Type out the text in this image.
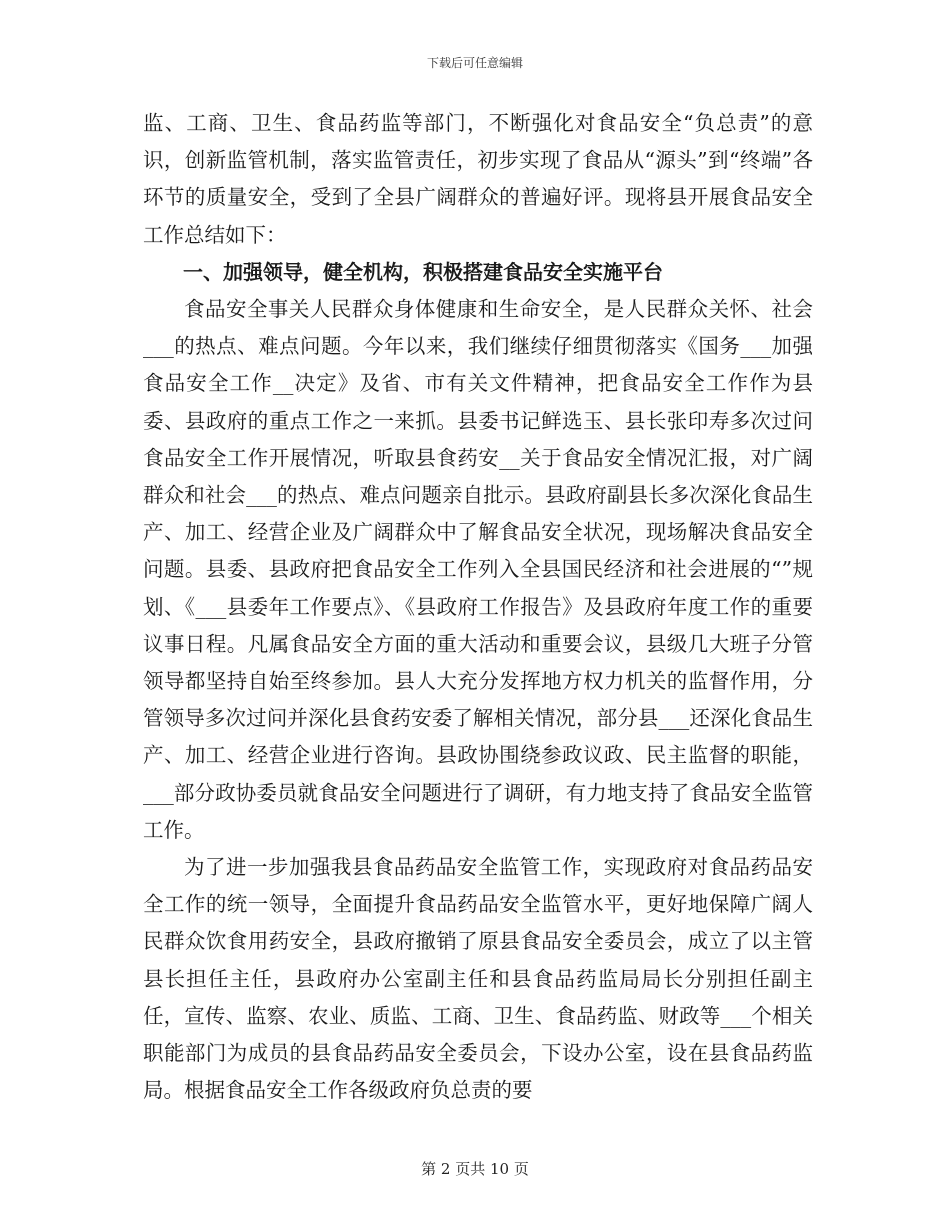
下载后可任意编辑

监、工商、卫生、食品药监等部门，不断强化对食品安全“负总责”的意识，创新监管机制，落实监管责任，初步实现了食品从“源头”到“终端”各环节的质量安全，受到了全县广阔群众的普遍好评。现将县开展食品安全工作总结如下：

一、加强领导，健全机构，积极搭建食品安全实施平台

食品安全事关人民群众身体健康和生命安全，是人民群众关怀、社会___的热点、难点问题。今年以来，我们继续仔细贯彻落实《国务___加强食品安全工作__决定》及省、市有关文件精神，把食品安全工作作为县委、县政府的重点工作之一来抓。县委书记鲜选玉、县长张印寿多次过问食品安全工作开展情况，听取县食药安__关于食品安全情况汇报，对广阔群众和社会___的热点、难点问题亲自批示。县政府副县长多次深化食品生产、加工、经营企业及广阔群众中了解食品安全状况，现场解决食品安全问题。县委、县政府把食品安全工作列入全县国民经济和社会进展的“”规划、《___县委年工作要点》、《县政府工作报告》及县政府年度工作的重要议事日程。凡属食品安全方面的重大活动和重要会议，县级几大班子分管领导都坚持自始至终参加。县人大充分发挥地方权力机关的监督作用，分管领导多次过问并深化县食药安委了解相关情况，部分县___还深化食品生产、加工、经营企业进行咨询。县政协围绕参政议政、民主监督的职能，___部分政协委员就食品安全问题进行了调研，有力地支持了食品安全监管工作。

为了进一步加强我县食品药品安全监管工作，实现政府对食品药品安全工作的统一领导，全面提升食品药品安全监管水平，更好地保障广阔人民群众饮食用药安全，县政府撤销了原县食品安全委员会，成立了以主管县长担任主任，县政府办公室副主任和县食品药监局局长分别担任副主任，宣传、监察、农业、质监、工商、卫生、食品药监、财政等___个相关职能部门为成员的县食品药品安全委员会，下设办公室，设在县食品药监局。根据食品安全工作各级政府负总责的要

第 2 页共 10 页
